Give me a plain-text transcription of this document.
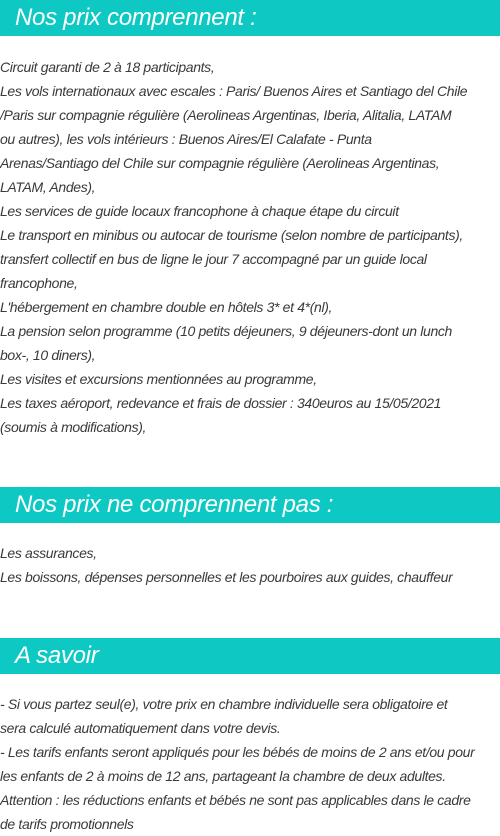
Nos prix comprennent :
Circuit garanti de 2 à 18 participants,
Les vols internationaux avec escales : Paris/ Buenos Aires et Santiago del Chile
/Paris sur compagnie régulière (Aerolineas Argentinas, Iberia, Alitalia, LATAM
ou autres), les vols intérieurs : Buenos Aires/El Calafate - Punta
Arenas/Santiago del Chile sur compagnie régulière (Aerolineas Argentinas,
LATAM, Andes),
Les services de guide locaux francophone à chaque étape du circuit
Le transport en minibus ou autocar de tourisme (selon nombre de participants),
transfert collectif en bus de ligne le jour 7 accompagné par un guide local
francophone,
L'hébergement en chambre double en hôtels 3* et 4*(nl),
La pension selon programme (10 petits déjeuners, 9 déjeuners-dont un lunch
box-, 10 diners),
Les visites et excursions mentionnées au programme,
Les taxes aéroport, redevance et frais de dossier : 340euros au 15/05/2021
(soumis à modifications),
Nos prix ne comprennent pas :
Les assurances,
Les boissons, dépenses personnelles et les pourboires aux guides, chauffeur
A savoir
- Si vous partez seul(e), votre prix en chambre individuelle sera obligatoire et
sera calculé automatiquement dans votre devis.
- Les tarifs enfants seront appliqués pour les bébés de moins de 2 ans et/ou pour
les enfants de 2 à moins de 12 ans, partageant la chambre de deux adultes.
Attention : les réductions enfants et bébés ne sont pas applicables dans le cadre
de tarifs promotionnels
